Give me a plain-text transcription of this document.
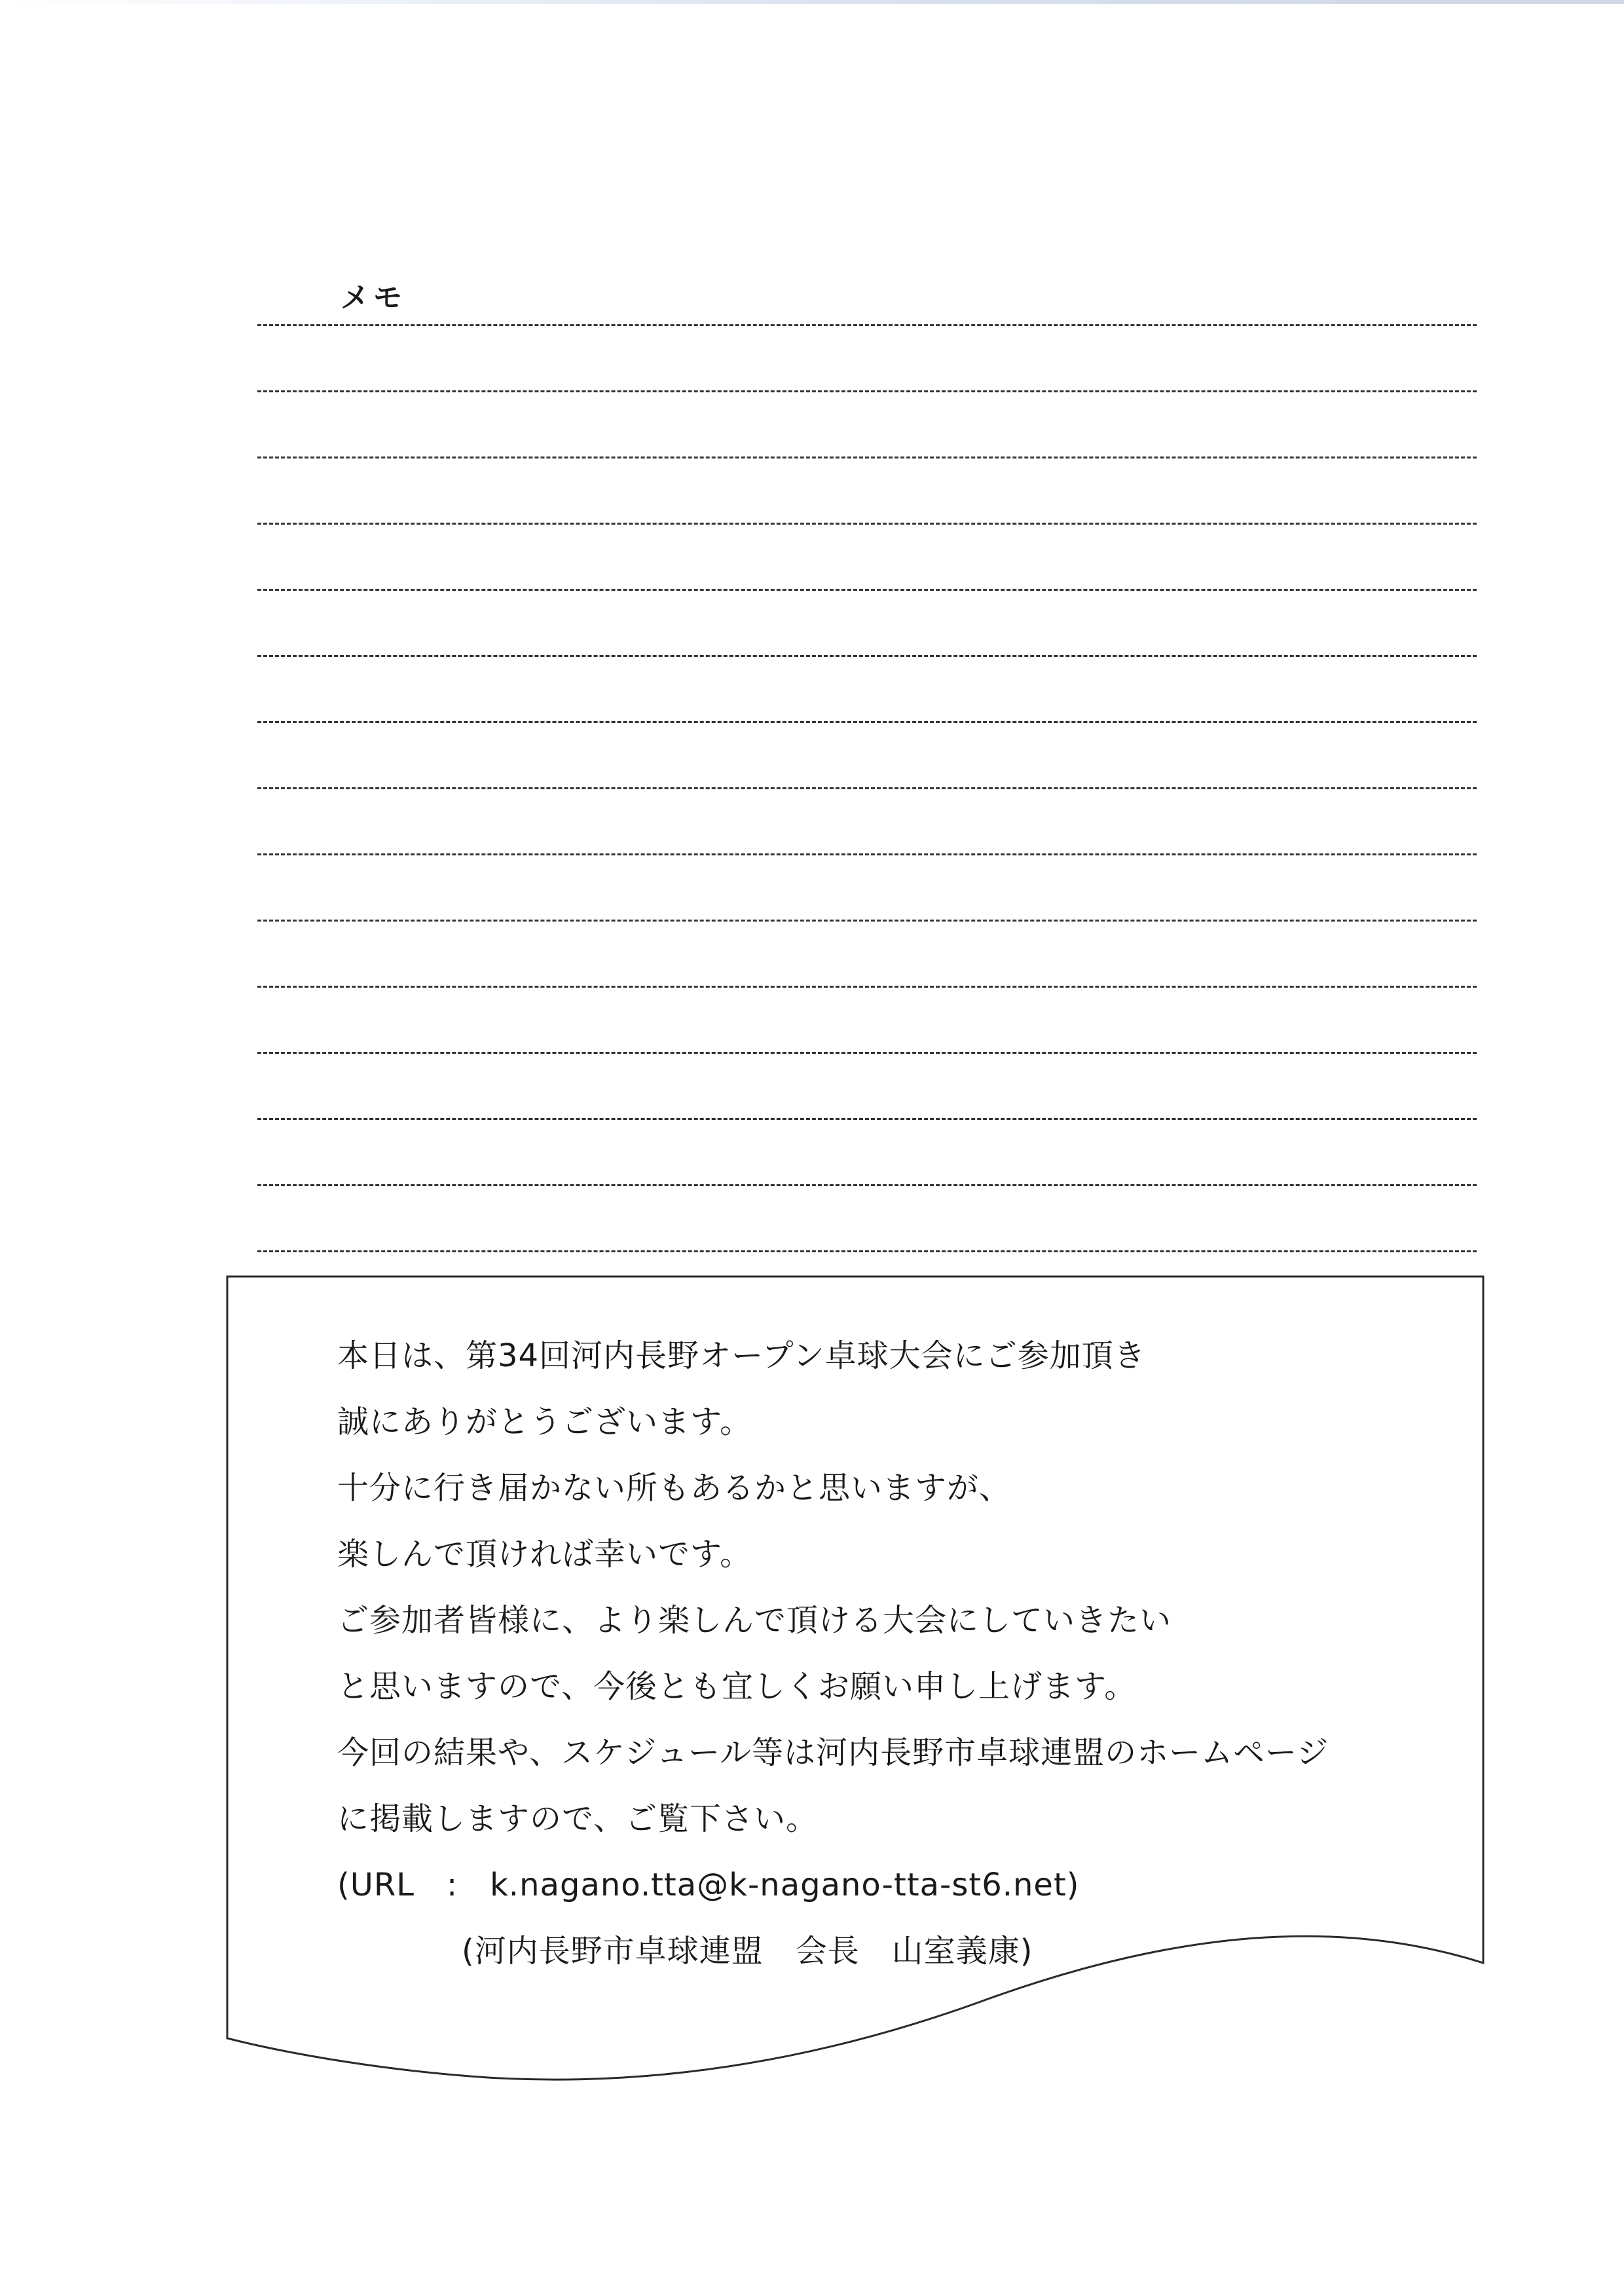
メモ
本日は、第34回河内長野オープン卓球大会にご参加頂き
誠にありがとうございます。
十分に行き届かない所もあるかと思いますが、
楽しんで頂ければ幸いです。
ご参加者皆様に、より楽しんで頂ける大会にしていきたい
と思いますので、今後とも宜しくお願い申し上げます。
今回の結果や、スケジュール等は河内長野市卓球連盟のホームページ
に掲載しますので、ご覧下さい。
(URL　:　k.nagano.tta@k-nagano-tta-st6.net)
(河内長野市卓球連盟　会長　山室義康)
